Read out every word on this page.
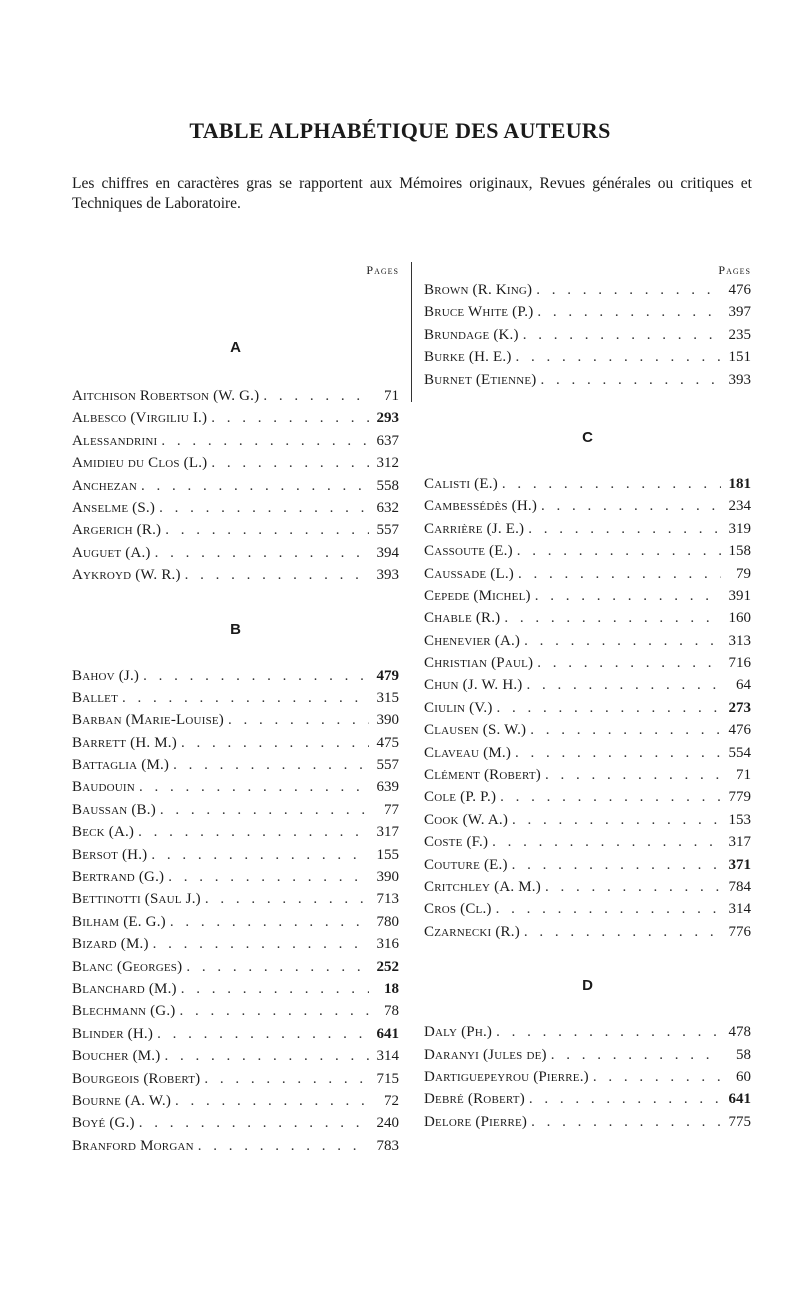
TABLE ALPHABÉTIQUE DES AUTEURS
Les chiffres en caractères gras se rapportent aux Mémoires originaux, Revues générales ou critiques et Techniques de Laboratoire.
Pages
A
Aitchison Robertson (W. G.) . . .	71
Albesco (Virgiliu I.) . . .	293
Alessandrini . . .	637
Amidieu du Clos (L.) . . .	312
Anchezan . . .	558
Anselme (S.) . . .	632
Argerich (R.) . . .	557
Auguet (A.) . . .	394
Aykroyd (W. R.) . . .	393
B
Bahov (J.) . . .	479
Ballet . . .	315
Barban (Marie-Louise) . . .	390
Barrett (H. M.) . . .	475
Battaglia (M.) . . .	557
Baudouin . . .	639
Baussan (B.) . . .	77
Beck (A.) . . .	317
Bersot (H.) . . .	155
Bertrand (G.) . . .	390
Bettinotti (Saul J.) . . .	713
Bilham (E. G.) . . .	780
Bizard (M.) . . .	316
Blanc (Georges) . . .	252
Blanchard (M.) . . .	18
Blechmann (G.) . . .	78
Blinder (H.) . . .	641
Boucher (M.) . . .	314
Bourgeois (Robert) . . .	715
Bourne (A. W.) . . .	72
Boyé (G.) . . .	240
Branford Morgan . . .	783
Pages
Brown (R. King) . . .	476
Bruce White (P.) . . .	397
Brundage (K.) . . .	235
Burke (H. E.) . . .	151
Burnet (Etienne) . . .	393
C
Calisti (E.) . . .	181
Cambessédès (H.) . . .	234
Carrière (J. E.) . . .	319
Cassoute (E.) . . .	158
Caussade (L.) . . .	79
Cepede (Michel) . . .	391
Chable (R.) . . .	160
Chenevier (A.) . . .	313
Christian (Paul) . . .	716
Chun (J. W. H.) . . .	64
Ciulin (V.) . . .	273
Clausen (S. W.) . . .	476
Claveau (M.) . . .	554
Clément (Robert) . . .	71
Cole (P. P.) . . .	779
Cook (W. A.) . . .	153
Coste (F.) . . .	317
Couture (E.) . . .	371
Critchley (A. M.) . . .	784
Cros (Cl.) . . .	314
Czarnecki (R.) . . .	776
D
Daly (Ph.) . . .	478
Daranyi (Jules de) . . .	58
Dartiguepeyrou (Pierre.) . . .	60
Debré (Robert) . . .	641
Delore (Pierre) . . .	775
